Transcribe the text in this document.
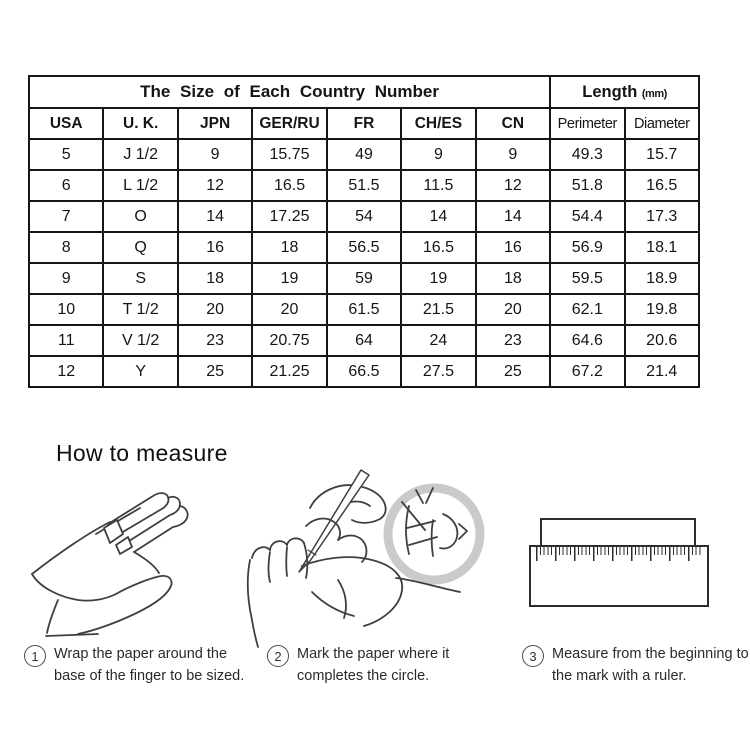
The Size of Each Country Number							Length (mm)	
USA	U. K.	JPN	GER/RU	FR	CH/ES	CN	Perimeter	Diameter
5	J 1/2	9	15.75	49	9	9	49.3	15.7
6	L 1/2	12	16.5	51.5	11.5	12	51.8	16.5
7	O	14	17.25	54	14	14	54.4	17.3
8	Q	16	18	56.5	16.5	16	56.9	18.1
9	S	18	19	59	19	18	59.5	18.9
10	T 1/2	20	20	61.5	21.5	20	62.1	19.8
11	V 1/2	23	20.75	64	24	23	64.6	20.6
12	Y	25	21.25	66.5	27.5	25	67.2	21.4
How to measure
1	Wrap the paper around the
base of the finger to be sized.
2	Mark the paper where it
completes the circle.
3	Measure from the beginning to
the mark with a ruler.
